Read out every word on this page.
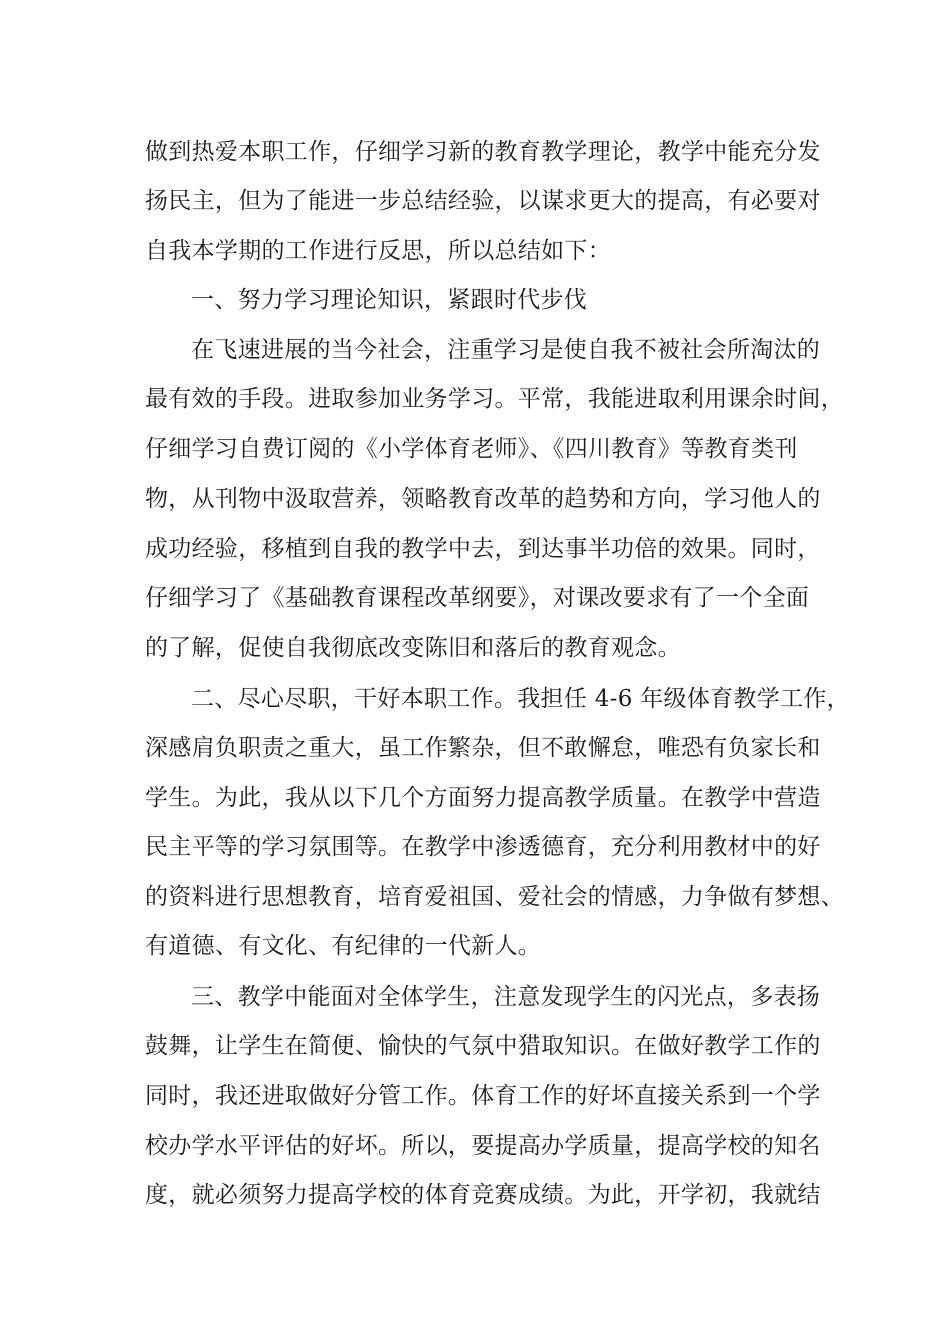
做到热爱本职工作，仔细学习新的教育教学理论，教学中能充分发
扬民主，但为了能进一步总结经验，以谋求更大的提高，有必要对
自我本学期的工作进行反思，所以总结如下：
一、努力学习理论知识，紧跟时代步伐
在飞速进展的当今社会，注重学习是使自我不被社会所淘汰的
最有效的手段。进取参加业务学习。平常，我能进取利用课余时间，
仔细学习自费订阅的《小学体育老师》、《四川教育》等教育类刊
物，从刊物中汲取营养，领略教育改革的趋势和方向，学习他人的
成功经验，移植到自我的教学中去，到达事半功倍的效果。同时，
仔细学习了《基础教育课程改革纲要》，对课改要求有了一个全面
的了解，促使自我彻底改变陈旧和落后的教育观念。
二、尽心尽职，干好本职工作。我担任 4-6 年级体育教学工作，
深感肩负职责之重大，虽工作繁杂，但不敢懈怠，唯恐有负家长和
学生。为此，我从以下几个方面努力提高教学质量。在教学中营造
民主平等的学习氛围等。在教学中渗透德育，充分利用教材中的好
的资料进行思想教育，培育爱祖国、爱社会的情感，力争做有梦想、
有道德、有文化、有纪律的一代新人。
三、教学中能面对全体学生，注意发现学生的闪光点，多表扬
鼓舞，让学生在简便、愉快的气氛中猎取知识。在做好教学工作的
同时，我还进取做好分管工作。体育工作的好坏直接关系到一个学
校办学水平评估的好坏。所以，要提高办学质量，提高学校的知名
度，就必须努力提高学校的体育竞赛成绩。为此，开学初，我就结
